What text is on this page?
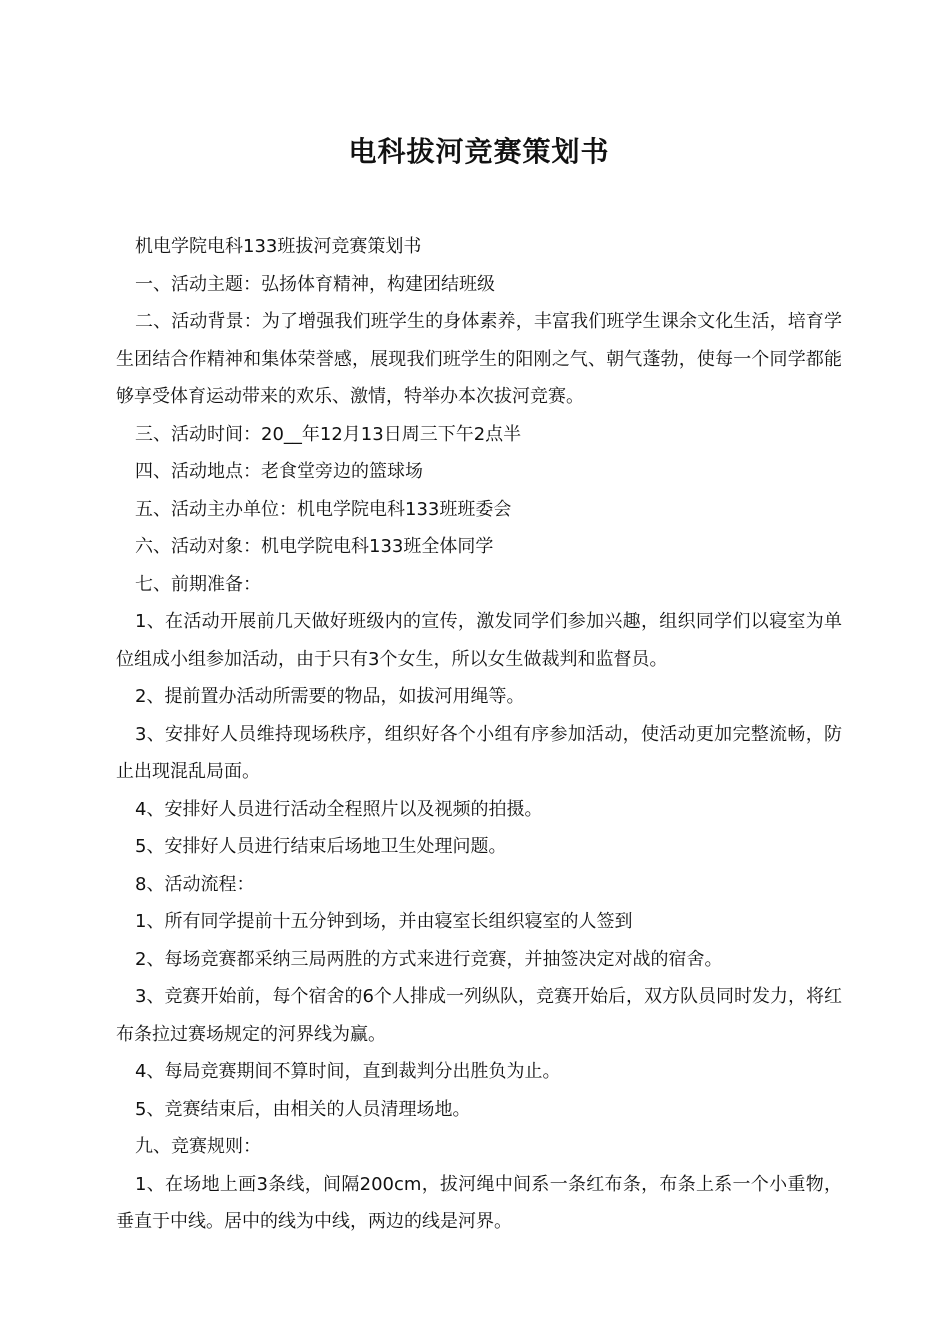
电科拔河竞赛策划书

机电学院电科133班拔河竞赛策划书

一、活动主题：弘扬体育精神，构建团结班级

二、活动背景：为了增强我们班学生的身体素养，丰富我们班学生课余文化生活，培育学生团结合作精神和集体荣誉感，展现我们班学生的阳刚之气、朝气蓬勃，使每一个同学都能够享受体育运动带来的欢乐、激情，特举办本次拔河竞赛。

三、活动时间：20__年12月13日周三下午2点半

四、活动地点：老食堂旁边的篮球场

五、活动主办单位：机电学院电科133班班委会

六、活动对象：机电学院电科133班全体同学

七、前期准备：

1、在活动开展前几天做好班级内的宣传，激发同学们参加兴趣，组织同学们以寝室为单位组成小组参加活动，由于只有3个女生，所以女生做裁判和监督员。

2、提前置办活动所需要的物品，如拔河用绳等。

3、安排好人员维持现场秩序，组织好各个小组有序参加活动，使活动更加完整流畅，防止出现混乱局面。

4、安排好人员进行活动全程照片以及视频的拍摄。

5、安排好人员进行结束后场地卫生处理问题。

8、活动流程：

1、所有同学提前十五分钟到场，并由寝室长组织寝室的人签到

2、每场竞赛都采纳三局两胜的方式来进行竞赛，并抽签决定对战的宿舍。

3、竞赛开始前，每个宿舍的6个人排成一列纵队，竞赛开始后，双方队员同时发力，将红布条拉过赛场规定的河界线为赢。

4、每局竞赛期间不算时间，直到裁判分出胜负为止。

5、竞赛结束后，由相关的人员清理场地。

九、竞赛规则：

1、在场地上画3条线，间隔200cm，拔河绳中间系一条红布条，布条上系一个小重物，垂直于中线。居中的线为中线，两边的线是河界。
